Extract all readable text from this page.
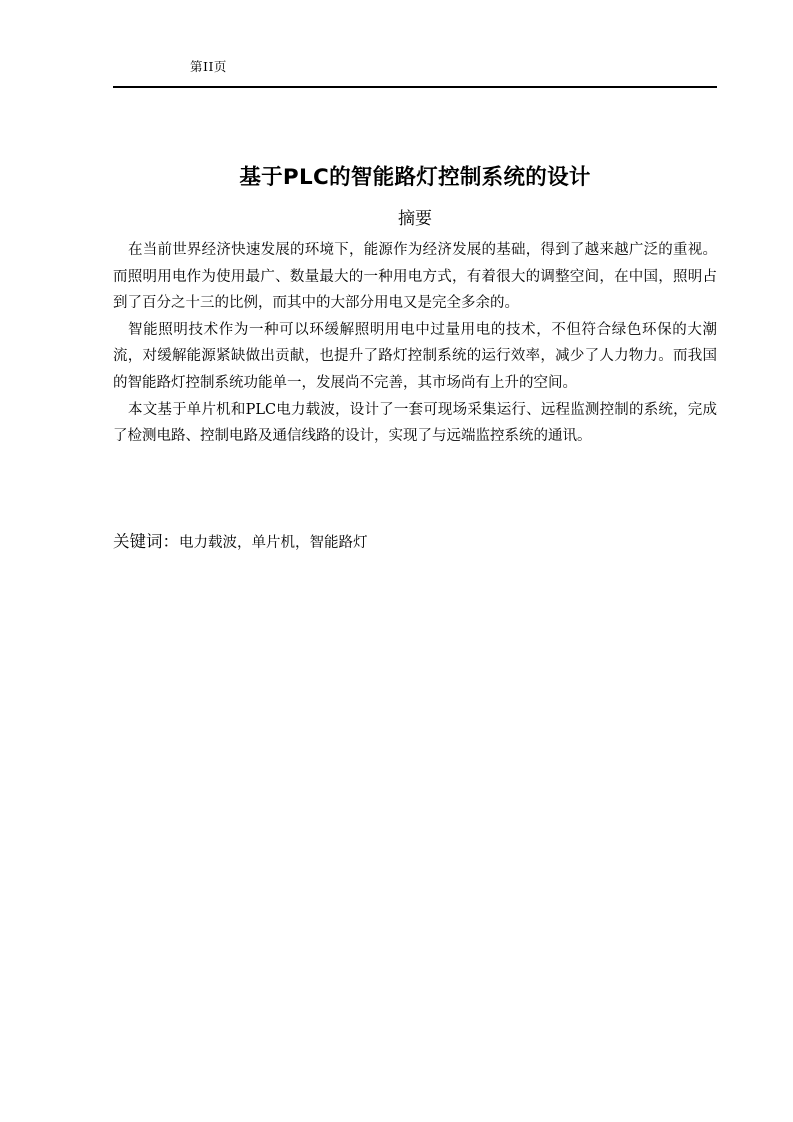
第II页
基于PLC的智能路灯控制系统的设计
摘要

在当前世界经济快速发展的环境下，能源作为经济发展的基础，得到了越来越广泛的重视。而照明用电作为使用最广、数量最大的一种用电方式，有着很大的调整空间，在中国，照明占到了百分之十三的比例，而其中的大部分用电又是完全多余的。

智能照明技术作为一种可以环缓解照明用电中过量用电的技术，不但符合绿色环保的大潮流，对缓解能源紧缺做出贡献，也提升了路灯控制系统的运行效率，减少了人力物力。而我国的智能路灯控制系统功能单一，发展尚不完善，其市场尚有上升的空间。

本文基于单片机和PLC电力载波，设计了一套可现场采集运行、远程监测控制的系统，完成了检测电路、控制电路及通信线路的设计，实现了与远端监控系统的通讯。

关键词：电力载波，单片机，智能路灯
